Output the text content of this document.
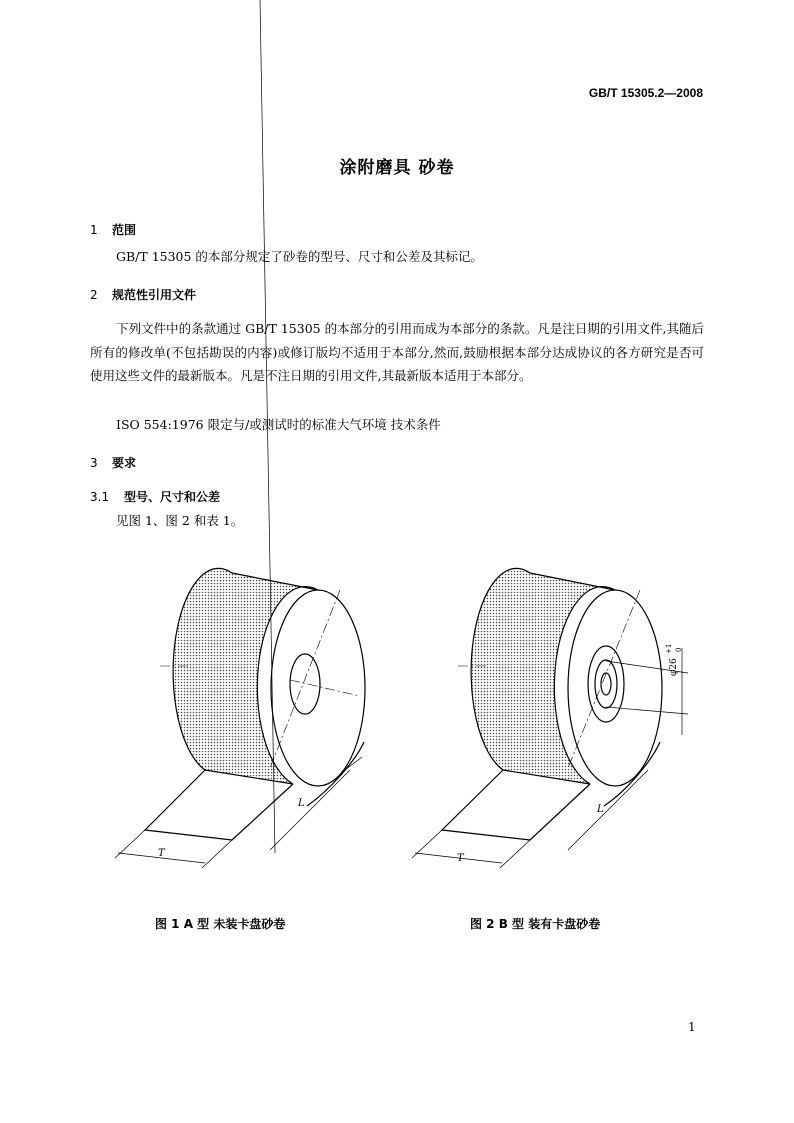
GB/T 15305.2—2008
涂附磨具 砂卷
1 范围
GB/T 15305 的本部分规定了砂卷的型号、尺寸和公差及其标记。
2 规范性引用文件
下列文件中的条款通过 GB/T 15305 的本部分的引用而成为本部分的条款。凡是注日期的引用文件,其随后所有的修改单(不包括勘误的内容)或修订版均不适用于本部分,然而,鼓励根据本部分达成协议的各方研究是否可使用这些文件的最新版本。凡是不注日期的引用文件,其最新版本适用于本部分。
ISO 554:1976 限定与/或测试时的标准大气环境 技术条件
3 要求
3.1 型号、尺寸和公差
见图 1、图 2 和表 1。
T
L
T
L
φ26
+1 0
图 1 A 型 未装卡盘砂卷	图 2 B 型 装有卡盘砂卷
1
